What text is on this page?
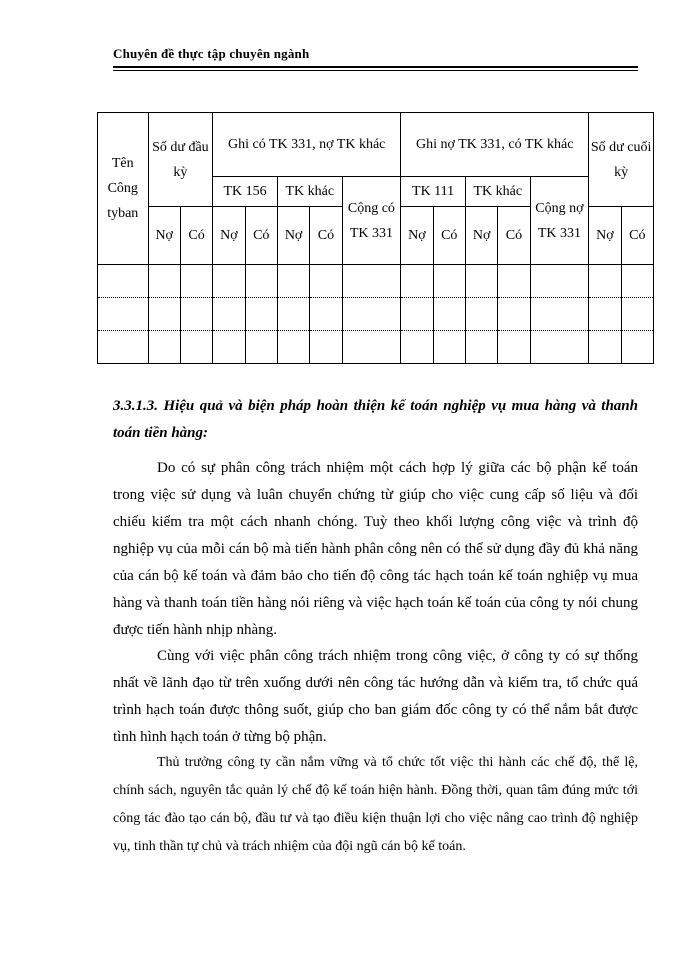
Chuyên đề thực tập chuyên ngành
Tên Công tyban	Số dư đầu kỳ		Ghi có TK 331, nợ TK khác					Ghi nợ TK 331, có TK khác					Số dư cuối kỳ	
			TK 156		TK khác		Cộng có TK 331	TK 111		TK khác		Cộng nợ TK 331		
	Nợ	Có	Nợ	Có	Nợ	Có		Nợ	Có	Nợ	Có		Nợ	Có

3.3.1.3. Hiệu quả và biện pháp hoàn thiện kế toán nghiệp vụ mua hàng và thanh toán tiền hàng:

Do có sự phân công trách nhiệm một cách hợp lý giữa các bộ phận kế toán trong việc sử dụng và luân chuyển chứng từ giúp cho việc cung cấp số liệu và đối chiếu kiểm tra một cách nhanh chóng. Tuỳ theo khối lượng công việc và trình độ nghiệp vụ của mỗi cán bộ mà tiến hành phân công nên có thể sử dụng đầy đủ khả năng của cán bộ kế toán và đảm bảo cho tiến độ công tác hạch toán kế toán nghiệp vụ mua hàng và thanh toán tiền hàng nói riêng và việc hạch toán kế toán của công ty nói chung được tiến hành nhịp nhàng.

Cùng với việc phân công trách nhiệm trong công việc, ở công ty có sự thống nhất về lãnh đạo từ trên xuống dưới nên công tác hướng dẫn và kiểm tra, tổ chức quá trình hạch toán được thông suốt, giúp cho ban giám đốc công ty có thể nắm bắt được tình hình hạch toán ở từng bộ phận.

Thủ trưởng công ty cần nắm vững và tổ chức tốt việc thi hành các chế độ, thể lệ, chính sách, nguyên tắc quản lý chế độ kế toán hiện hành. Đồng thời, quan tâm đúng mức tới công tác đào tạo cán bộ, đầu tư và tạo điều kiện thuận lợi cho việc nâng cao trình độ nghiệp vụ, tinh thần tự chủ và trách nhiệm của đội ngũ cán bộ kế toán.
